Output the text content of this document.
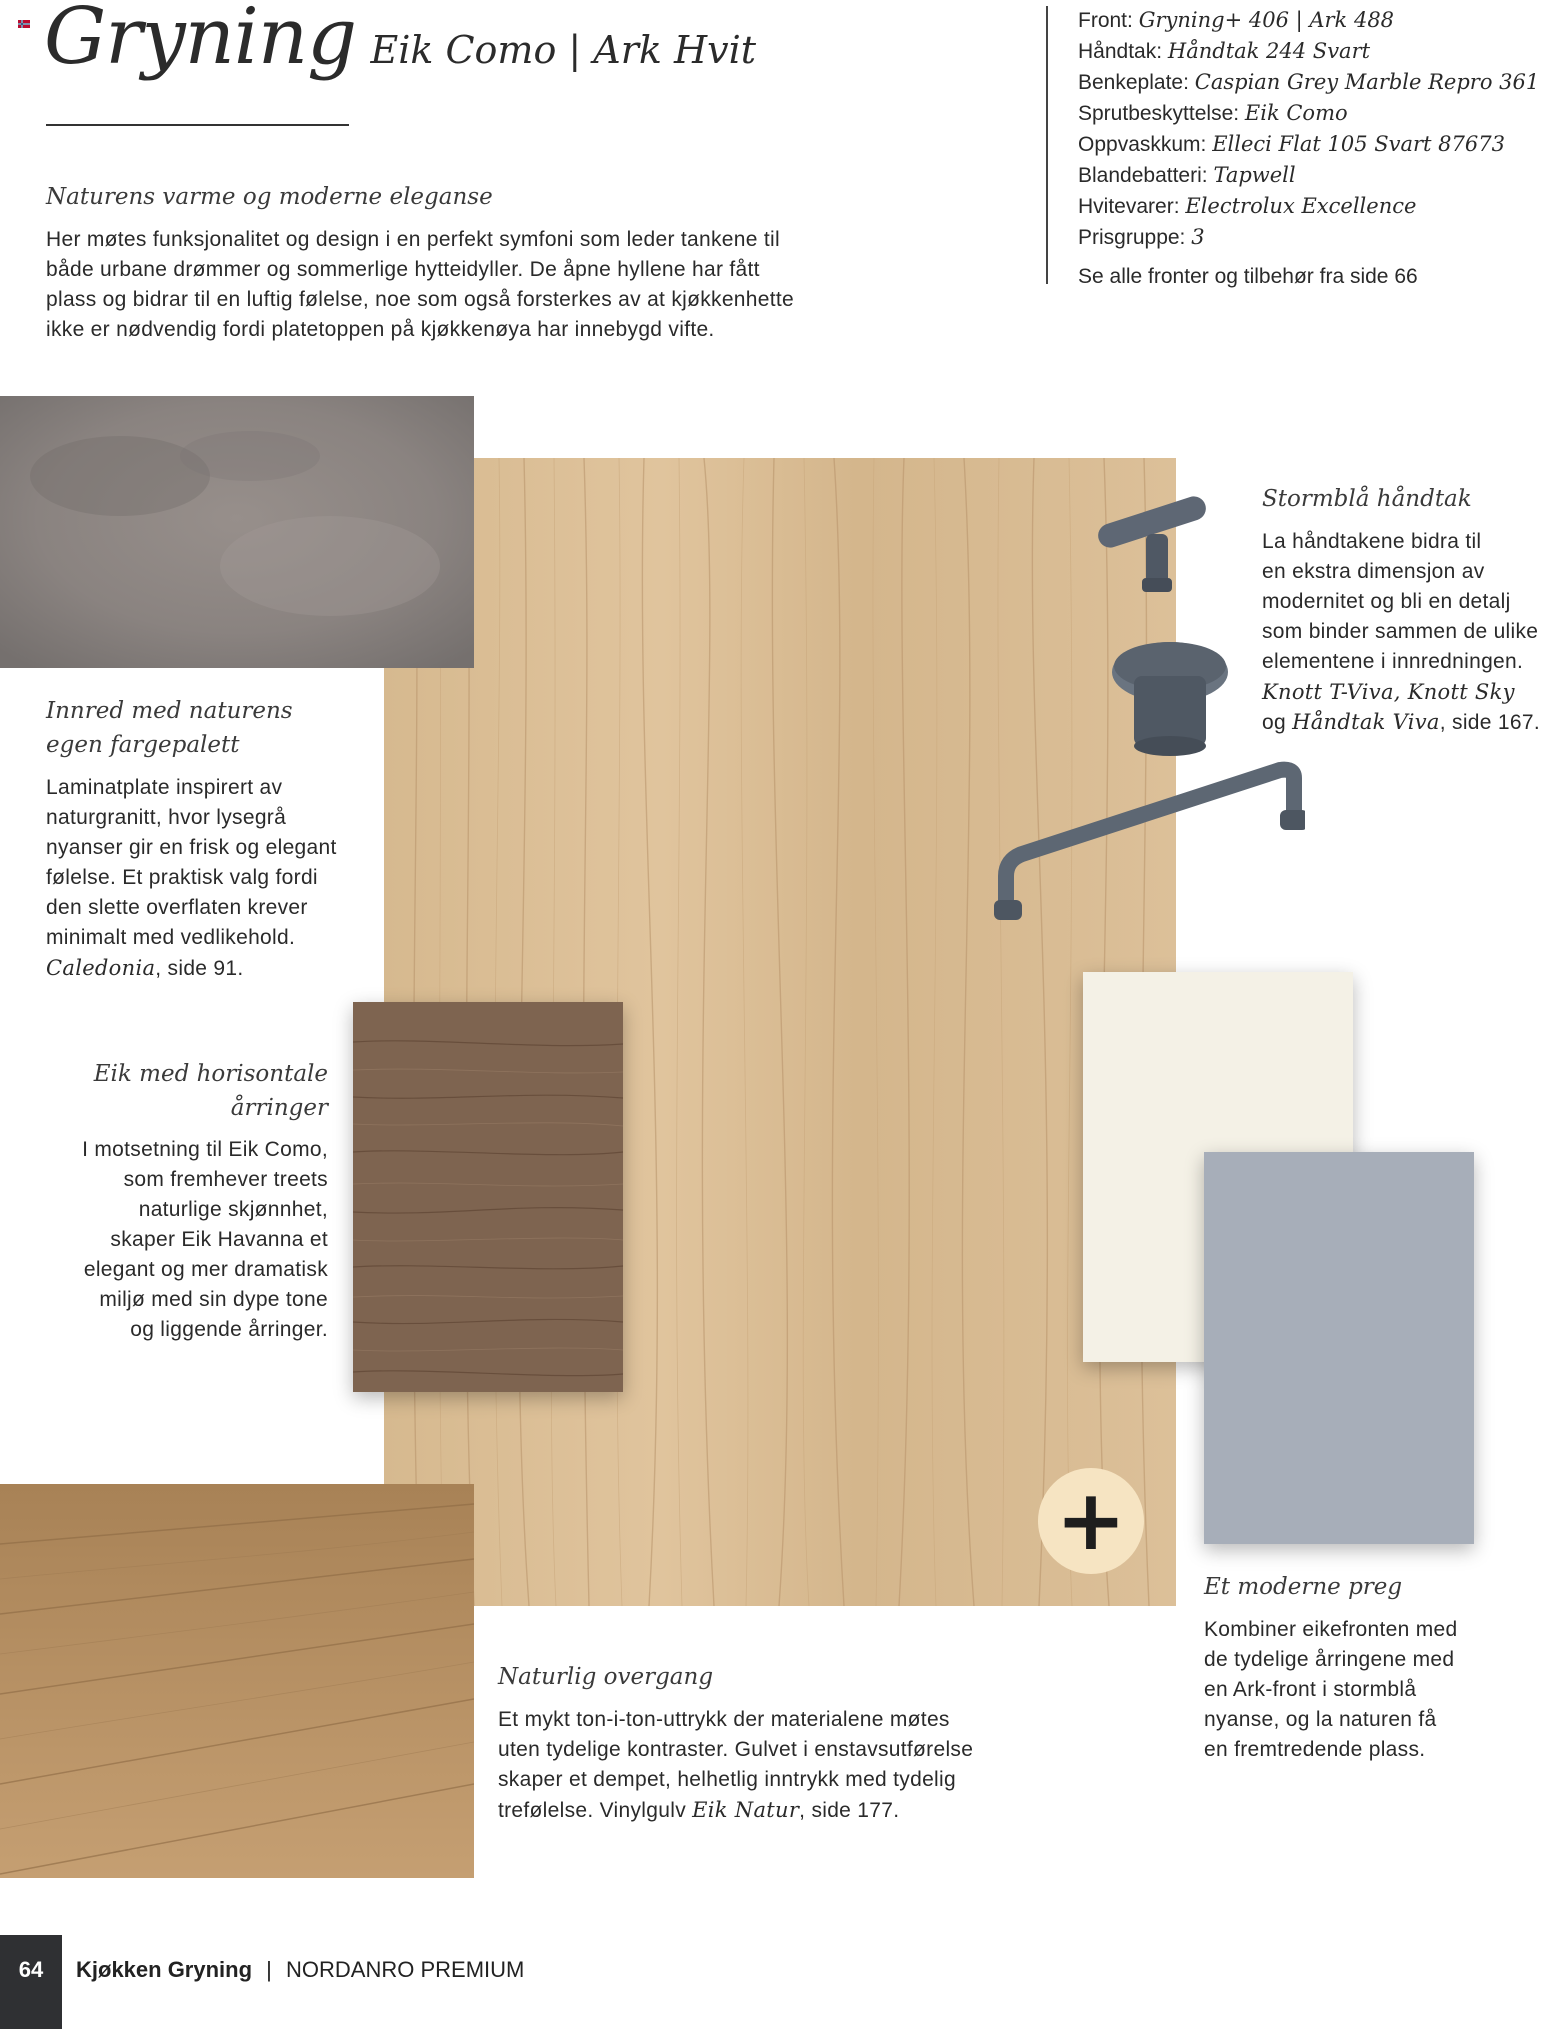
Gryning Eik Como | Ark Hvit
Naturens varme og moderne eleganse
Her møtes funksjonalitet og design i en perfekt symfoni som leder tankene til
både urbane drømmer og sommerlige hytteidyller. De åpne hyllene har fått
plass og bidrar til en luftig følelse, noe som også forsterkes av at kjøkkenhette
ikke er nødvendig fordi platetoppen på kjøkkenøya har innebygd vifte.
Front: Gryning+ 406 | Ark 488
Håndtak: Håndtak 244 Svart
Benkeplate: Caspian Grey Marble Repro 361
Sprutbeskyttelse: Eik Como
Oppvaskkum: Elleci Flat 105 Svart 87673
Blandebatteri: Tapwell
Hvitevarer: Electrolux Excellence
Prisgruppe: 3
Se alle fronter og tilbehør fra side 66
+
Innred med naturens
egen fargepalett
Laminatplate inspirert av
naturgranitt, hvor lysegrå
nyanser gir en frisk og elegant
følelse. Et praktisk valg fordi
den slette overflaten krever
minimalt med vedlikehold.
Caledonia, side 91.
Eik med horisontale
årringer
I motsetning til Eik Como,
som fremhever treets
naturlige skjønnhet,
skaper Eik Havanna et
elegant og mer dramatisk
miljø med sin dype tone
og liggende årringer.
Stormblå håndtak
La håndtakene bidra til
en ekstra dimensjon av
modernitet og bli en detalj
som binder sammen de ulike
elementene i innredningen.
Knott T-Viva, Knott Sky
og Håndtak Viva, side 167.
Naturlig overgang
Et mykt ton-i-ton-uttrykk der materialene møtes
uten tydelige kontraster. Gulvet i enstavsutførelse
skaper et dempet, helhetlig inntrykk med tydelig
trefølelse. Vinylgulv Eik Natur, side 177.
Et moderne preg
Kombiner eikefronten med
de tydelige årringene med
en Ark-front i stormblå
nyanse, og la naturen få
en fremtredende plass.
64	Kjøkken Gryning | NORDANRO PREMIUM
